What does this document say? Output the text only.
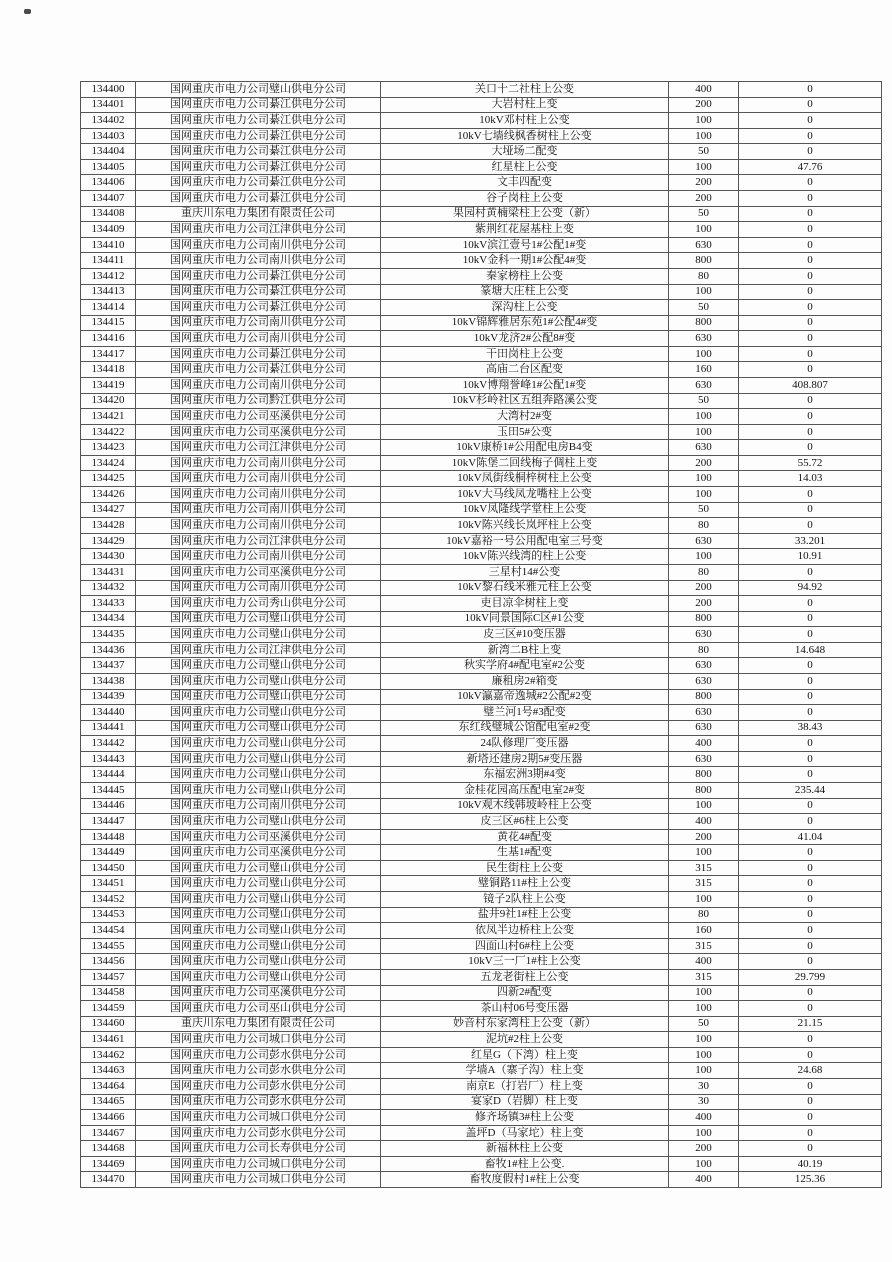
134400	国网重庆市电力公司璧山供电分公司	关口十二社柱上公变	400	0
134401	国网重庆市电力公司綦江供电分公司	大岩村柱上变	200	0
134402	国网重庆市电力公司綦江供电分公司	10kV邓村柱上公变	100	0
134403	国网重庆市电力公司綦江供电分公司	10kV七墙线枫香树柱上公变	100	0
134404	国网重庆市电力公司綦江供电分公司	大垭场二配变	50	0
134405	国网重庆市电力公司綦江供电分公司	红星柱上公变	100	47.76
134406	国网重庆市电力公司綦江供电分公司	文丰四配变	200	0
134407	国网重庆市电力公司綦江供电分公司	谷子岗柱上公变	200	0
134408	重庆川东电力集团有限责任公司	果园村黄楠梁柱上公变（新）	50	0
134409	国网重庆市电力公司江津供电分公司	紫荆红花屋基柱上变	100	0
134410	国网重庆市电力公司南川供电分公司	10kV滨江壹号1#公配1#变	630	0
134411	国网重庆市电力公司南川供电分公司	10kV金科一期1#公配4#变	800	0
134412	国网重庆市电力公司綦江供电分公司	秦家榜柱上公变	80	0
134413	国网重庆市电力公司綦江供电分公司	篆塘大庄柱上公变	100	0
134414	国网重庆市电力公司綦江供电分公司	深沟柱上公变	50	0
134415	国网重庆市电力公司南川供电分公司	10kV锦辉雅居东苑1#公配4#变	800	0
134416	国网重庆市电力公司南川供电分公司	10kV龙济2#公配8#变	630	0
134417	国网重庆市电力公司綦江供电分公司	干田岗柱上公变	100	0
134418	国网重庆市电力公司綦江供电分公司	高庙二台区配变	160	0
134419	国网重庆市电力公司南川供电分公司	10kV博翔誉峰1#公配1#变	630	408.807
134420	国网重庆市电力公司黔江供电分公司	10kV杉岭社区五组奔路溪公变	50	0
134421	国网重庆市电力公司巫溪供电分公司	大湾村2#变	100	0
134422	国网重庆市电力公司巫溪供电分公司	玉田5#公变	100	0
134423	国网重庆市电力公司江津供电分公司	10kV康桥1#公用配电房B4变	630	0
134424	国网重庆市电力公司南川供电分公司	10kV陈堡二回线梅子倜柱上变	200	55.72
134425	国网重庆市电力公司南川供电分公司	10kV凤街线桐梓树柱上公变	100	14.03
134426	国网重庆市电力公司南川供电分公司	10kV大马线凤龙嘴柱上公变	100	0
134427	国网重庆市电力公司南川供电分公司	10kV凤隆线学堂柱上公变	50	0
134428	国网重庆市电力公司南川供电分公司	10kV陈兴线长岚坪柱上公变	80	0
134429	国网重庆市电力公司江津供电分公司	10kV嘉裕一号公用配电室三号变	630	33.201
134430	国网重庆市电力公司南川供电分公司	10kV陈兴线湾的柱上公变	100	10.91
134431	国网重庆市电力公司巫溪供电分公司	三星村14#公变	80	0
134432	国网重庆市电力公司南川供电分公司	10kV黎石线米雅元柱上公变	200	94.92
134433	国网重庆市电力公司秀山供电分公司	吏目凉伞树柱上变	200	0
134434	国网重庆市电力公司璧山供电分公司	10kV同景国际C区#1公变	800	0
134435	国网重庆市电力公司璧山供电分公司	皮三区#10变压器	630	0
134436	国网重庆市电力公司江津供电分公司	新湾二B柱上变	80	14.648
134437	国网重庆市电力公司璧山供电分公司	秋实学府4#配电室#2公变	630	0
134438	国网重庆市电力公司璧山供电分公司	廉租房2#箱变	630	0
134439	国网重庆市电力公司璧山供电分公司	10kV瀛嘉帝逸城#2公配#2变	800	0
134440	国网重庆市电力公司璧山供电分公司	璧兰河1号#3配变	630	0
134441	国网重庆市电力公司璧山供电分公司	东红线璧城公馆配电室#2变	630	38.43
134442	国网重庆市电力公司璧山供电分公司	24队修理厂变压器	400	0
134443	国网重庆市电力公司璧山供电分公司	新塔还建房2期5#变压器	630	0
134444	国网重庆市电力公司璧山供电分公司	东福宏洲3期#4变	800	0
134445	国网重庆市电力公司璧山供电分公司	金桂花园高压配电室2#变	800	235.44
134446	国网重庆市电力公司南川供电分公司	10kV观木线韩坡岭柱上公变	100	0
134447	国网重庆市电力公司璧山供电分公司	皮三区#6柱上公变	400	0
134448	国网重庆市电力公司巫溪供电分公司	黄花4#配变	200	41.04
134449	国网重庆市电力公司巫溪供电分公司	生基1#配变	100	0
134450	国网重庆市电力公司璧山供电分公司	民生街柱上公变	315	0
134451	国网重庆市电力公司璧山供电分公司	璧铜路11#柱上公变	315	0
134452	国网重庆市电力公司璧山供电分公司	镜子2队柱上公变	100	0
134453	国网重庆市电力公司璧山供电分公司	盐井9社1#柱上公变	80	0
134454	国网重庆市电力公司璧山供电分公司	依凤半边桥柱上公变	160	0
134455	国网重庆市电力公司璧山供电分公司	四面山村6#柱上公变	315	0
134456	国网重庆市电力公司璧山供电分公司	10kV三一厂1#柱上公变	400	0
134457	国网重庆市电力公司璧山供电分公司	五龙老街柱上公变	315	29.799
134458	国网重庆市电力公司巫溪供电分公司	四新2#配变	100	0
134459	国网重庆市电力公司巫山供电分公司	茶山村06号变压器	100	0
134460	重庆川东电力集团有限责任公司	妙音村东家湾柱上公变（新）	50	21.15
134461	国网重庆市电力公司城口供电分公司	泥坑#2柱上公变	100	0
134462	国网重庆市电力公司彭水供电分公司	红星G（下湾）柱上变	100	0
134463	国网重庆市电力公司彭水供电分公司	学墙A（寨子沟）柱上变	100	24.68
134464	国网重庆市电力公司彭水供电分公司	南京E（打岩厂）柱上变	30	0
134465	国网重庆市电力公司彭水供电分公司	宴家D（岩脚）柱上变	30	0
134466	国网重庆市电力公司城口供电分公司	修齐场镇3#柱上公变	400	0
134467	国网重庆市电力公司彭水供电分公司	盖坪D（马家坨）柱上变	100	0
134468	国网重庆市电力公司长寿供电分公司	新福林柱上公变	200	0
134469	国网重庆市电力公司城口供电分公司	畜牧1#柱上公变.	100	40.19
134470	国网重庆市电力公司城口供电分公司	畜牧度假村1#柱上公变	400	125.36
